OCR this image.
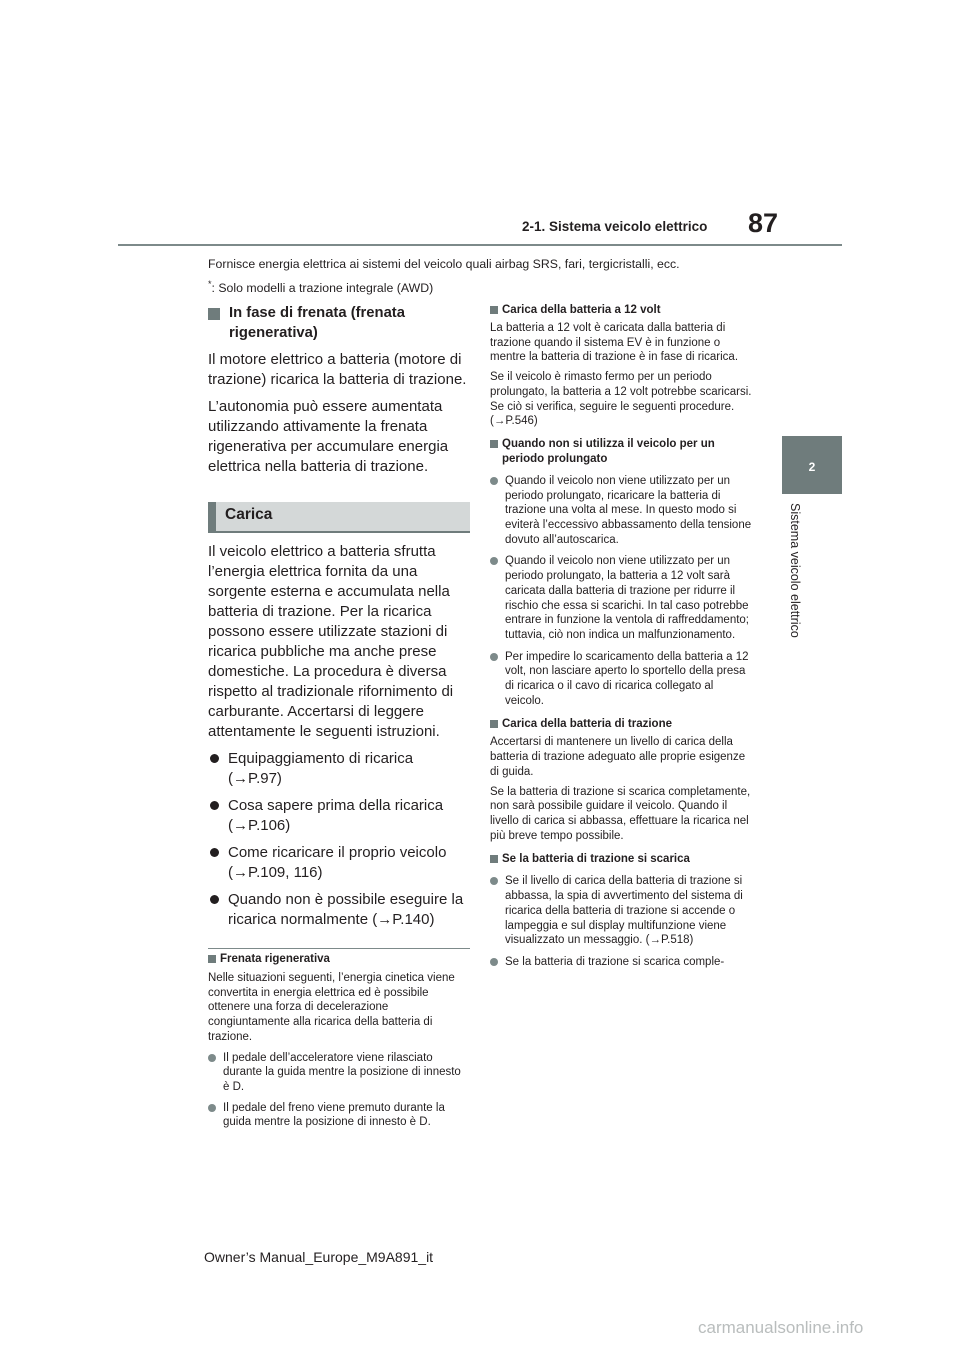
87
2-1. Sistema veicolo elettrico
2
Sistema veicolo elettrico
Fornisce energia elettrica ai sistemi del veicolo quali airbag SRS, fari, tergicristalli, ecc.
*: Solo modelli a trazione integrale (AWD)
In fase di frenata (frenata rigenerativa)
Il motore elettrico a batteria (motore di trazione) ricarica la batteria di trazione.
L’autonomia può essere aumentata utilizzando attivamente la frenata rigenerativa per accumulare energia elettrica nella batteria di trazione.
Carica
Il veicolo elettrico a batteria sfrutta l’energia elettrica fornita da una sorgente esterna e accumulata nella batteria di trazione. Per la ricarica possono essere utilizzate stazioni di ricarica pubbliche ma anche prese domestiche. La procedura è diversa rispetto al tradizionale rifornimento di carburante. Accertarsi di leggere attentamente le seguenti istruzioni.
Equipaggiamento di ricarica (→P.97)
Cosa sapere prima della ricarica (→P.106)
Come ricaricare il proprio veicolo (→P.109, 116)
Quando non è possibile eseguire la ricarica normalmente (→P.140)
Frenata rigenerativa
Nelle situazioni seguenti, l’energia cinetica viene convertita in energia elettrica ed è possibile ottenere una forza di decelerazione congiuntamente alla ricarica della batteria di trazione.
Il pedale dell’acceleratore viene rilasciato durante la guida mentre la posizione di innesto è D.
Il pedale del freno viene premuto durante la guida mentre la posizione di innesto è D.
Carica della batteria a 12 volt
La batteria a 12 volt è caricata dalla batteria di trazione quando il sistema EV è in funzione o mentre la batteria di trazione è in fase di ricarica.
Se il veicolo è rimasto fermo per un periodo prolungato, la batteria a 12 volt potrebbe scaricarsi. Se ciò si verifica, seguire le seguenti procedure. (→P.546)
Quando non si utilizza il veicolo per un periodo prolungato
Quando il veicolo non viene utilizzato per un periodo prolungato, ricaricare la batteria di trazione una volta al mese. In questo modo si eviterà l’eccessivo abbassamento della tensione dovuto all’autoscarica.
Quando il veicolo non viene utilizzato per un periodo prolungato, la batteria a 12 volt sarà caricata dalla batteria di trazione per ridurre il rischio che essa si scarichi. In tal caso potrebbe entrare in funzione la ventola di raffreddamento; tuttavia, ciò non indica un malfunzionamento.
Per impedire lo scaricamento della batteria a 12 volt, non lasciare aperto lo sportello della presa di ricarica o il cavo di ricarica collegato al veicolo.
Carica della batteria di trazione
Accertarsi di mantenere un livello di carica della batteria di trazione adeguato alle proprie esigenze di guida.
Se la batteria di trazione si scarica completamente, non sarà possibile guidare il veicolo. Quando il livello di carica si abbassa, effettuare la ricarica nel più breve tempo possibile.
Se la batteria di trazione si scarica
Se il livello di carica della batteria di trazione si abbassa, la spia di avvertimento del sistema di ricarica della batteria di trazione si accende o lampeggia e sul display multifunzione viene visualizzato un messaggio. (→P.518)
Se la batteria di trazione si scarica comple-
Owner’s Manual_Europe_M9A891_it
carmanualsonline.info
